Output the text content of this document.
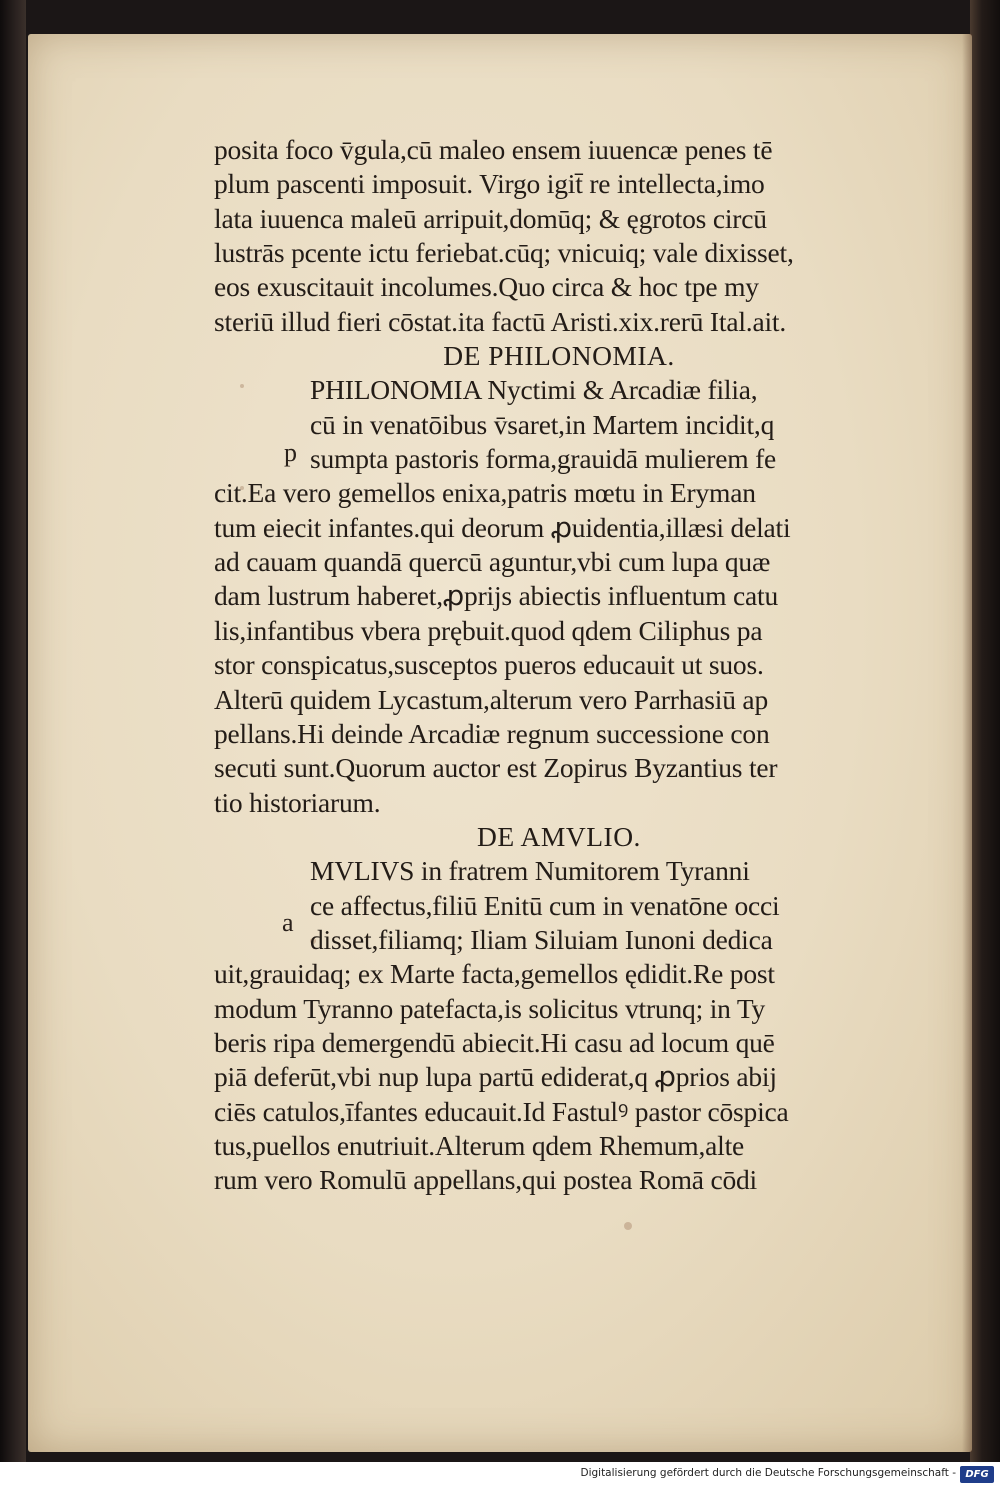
p
a
posita foco v̄gula,cū maleo ensem iuuencæ penes tē
plum pascenti imposuit. Virgo igit̄ re intellecta,imo
lata iuuenca maleū arripuit,domūq; & ęgrotos circū
lustrās pcente ictu feriebat.cūq; vnicuiq; vale dixisset,
eos exuscitauit incolumes.Quo circa & hoc tpe my
steriū illud fieri cōstat.ita factū Aristi.xix.rerū Ital.ait.
DE PHILONOMIA.
PHILONOMIA Nyctimi & Arcadiæ filia,
cū in venatōibus v̄saret,in Martem incidit,q
sumpta pastoris forma,grauidā mulierem fe
cit.Ea vero gemellos enixa,patris mœtu in Eryman
tum eiecit infantes.qui deorum ꝓuidentia,illæsi delati
ad cauam quandā quercū aguntur,vbi cum lupa quæ
dam lustrum haberet,ꝓprijs abiectis influentum catu
lis,infantibus vbera prębuit.quod qdem Ciliphus pa
stor conspicatus,susceptos pueros educauit ut suos.
Alterū quidem Lycastum,alterum vero Parrhasiū ap
pellans.Hi deinde Arcadiæ regnum successione con
secuti sunt.Quorum auctor est Zopirus Byzantius ter
tio historiarum.
DE AMVLIO.
MVLIVS in fratrem Numitorem Tyranni
ce affectus,filiū Enitū cum in venatōne occi
disset,filiamq; Iliam Siluiam Iunoni dedica
uit,grauidaq; ex Marte facta,gemellos ędidit.Re post
modum Tyranno patefacta,is solicitus vtrunq; in Ty
beris ripa demergendū abiecit.Hi casu ad locum quē
piā deferūt,vbi nup lupa partū ediderat,q ꝓprios abij
ciēs catulos,īfantes educauit.Id Fastulꝰ pastor cōspica
tus,puellos enutriuit.Alterum qdem Rhemum,alte
rum vero Romulū appellans,qui postea Romā cōdi
Digitalisierung gefördert durch die Deutsche Forschungsgemeinschaft - DFG
